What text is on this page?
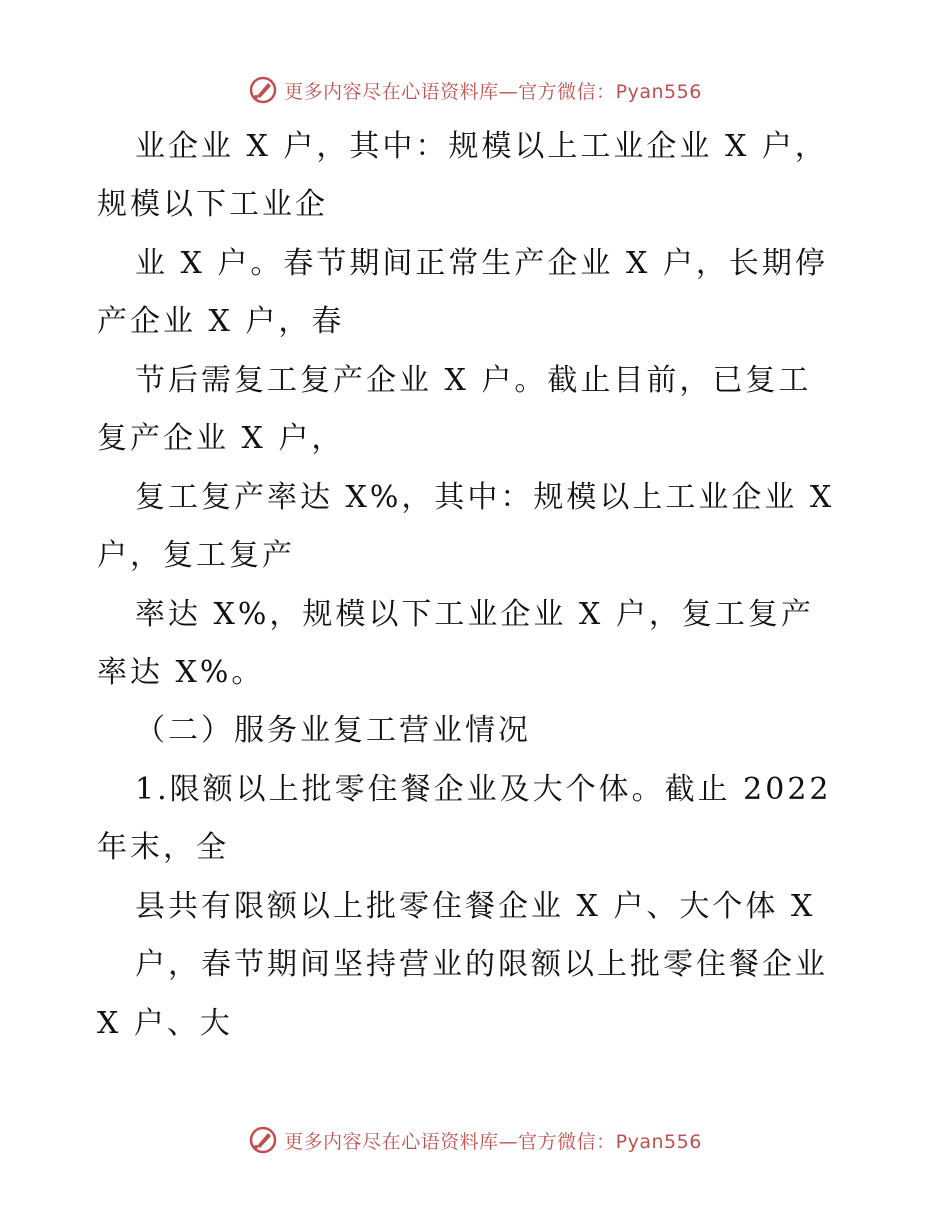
更多内容尽在心语资料库—官方微信：Pyan556
业企业 X 户，其中：规模以上工业企业 X 户，
规模以下工业企
业 X 户。春节期间正常生产企业 X 户，长期停
产企业 X 户，春
节后需复工复产企业 X 户。截止目前，已复工
复产企业 X 户，
复工复产率达 X%，其中：规模以上工业企业 X
户，复工复产
率达 X%，规模以下工业企业 X 户，复工复产
率达 X%。
（二）服务业复工营业情况
1.限额以上批零住餐企业及大个体。截止 2022
年末，全
县共有限额以上批零住餐企业 X 户、大个体 X
户，春节期间坚持营业的限额以上批零住餐企业
X 户、大
更多内容尽在心语资料库—官方微信：Pyan556
